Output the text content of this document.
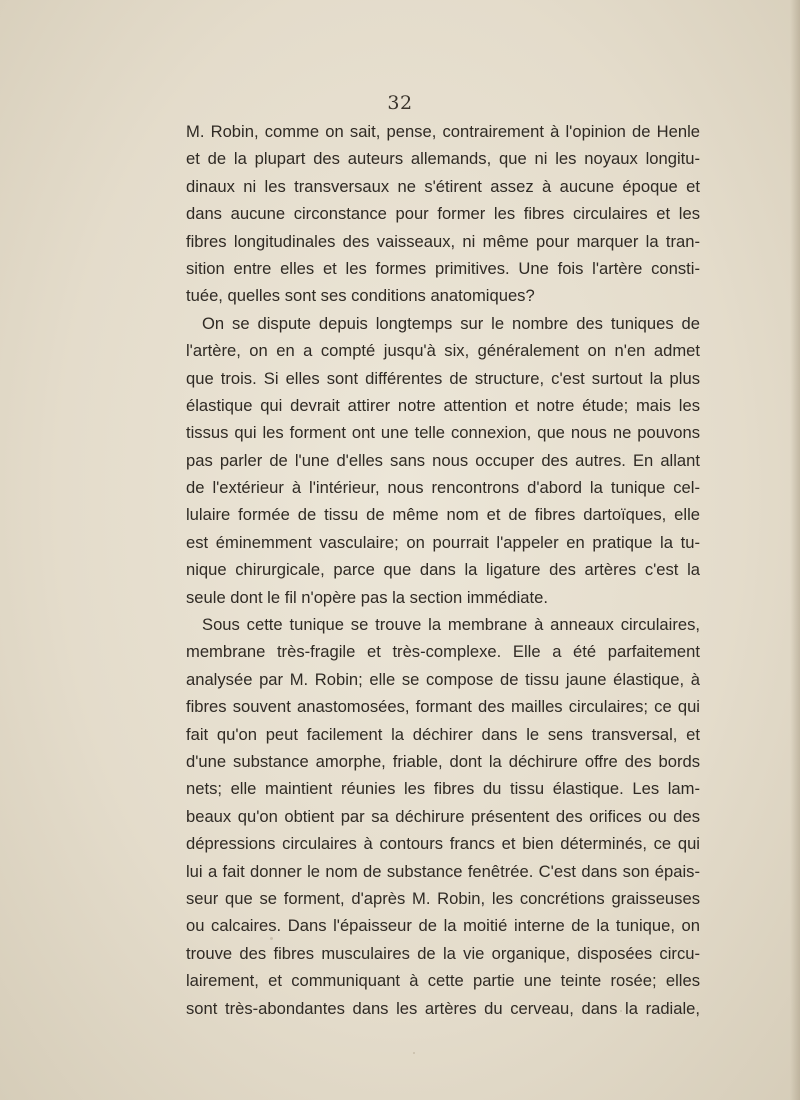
32
M. Robin, comme on sait, pense, contrairement à l'opinion de Henle
et de la plupart des auteurs allemands, que ni les noyaux longitu-
dinaux ni les transversaux ne s'étirent assez à aucune époque et
dans aucune circonstance pour former les fibres circulaires et les
fibres longitudinales des vaisseaux, ni même pour marquer la tran-
sition entre elles et les formes primitives. Une fois l'artère consti-
tuée, quelles sont ses conditions anatomiques?
On se dispute depuis longtemps sur le nombre des tuniques de
l'artère, on en a compté jusqu'à six, généralement on n'en admet
que trois. Si elles sont différentes de structure, c'est surtout la plus
élastique qui devrait attirer notre attention et notre étude; mais les
tissus qui les forment ont une telle connexion, que nous ne pouvons
pas parler de l'une d'elles sans nous occuper des autres. En allant
de l'extérieur à l'intérieur, nous rencontrons d'abord la tunique cel-
lulaire formée de tissu de même nom et de fibres dartoïques, elle
est éminemment vasculaire; on pourrait l'appeler en pratique la tu-
nique chirurgicale, parce que dans la ligature des artères c'est la
seule dont le fil n'opère pas la section immédiate.
Sous cette tunique se trouve la membrane à anneaux circulaires,
membrane très-fragile et très-complexe. Elle a été parfaitement
analysée par M. Robin; elle se compose de tissu jaune élastique, à
fibres souvent anastomosées, formant des mailles circulaires; ce qui
fait qu'on peut facilement la déchirer dans le sens transversal, et
d'une substance amorphe, friable, dont la déchirure offre des bords
nets; elle maintient réunies les fibres du tissu élastique. Les lam-
beaux qu'on obtient par sa déchirure présentent des orifices ou des
dépressions circulaires à contours francs et bien déterminés, ce qui
lui a fait donner le nom de substance fenêtrée. C'est dans son épais-
seur que se forment, d'après M. Robin, les concrétions graisseuses
ou calcaires. Dans l'épaisseur de la moitié interne de la tunique, on
trouve des fibres musculaires de la vie organique, disposées circu-
lairement, et communiquant à cette partie une teinte rosée; elles
sont très-abondantes dans les artères du cerveau, dans la radiale,
